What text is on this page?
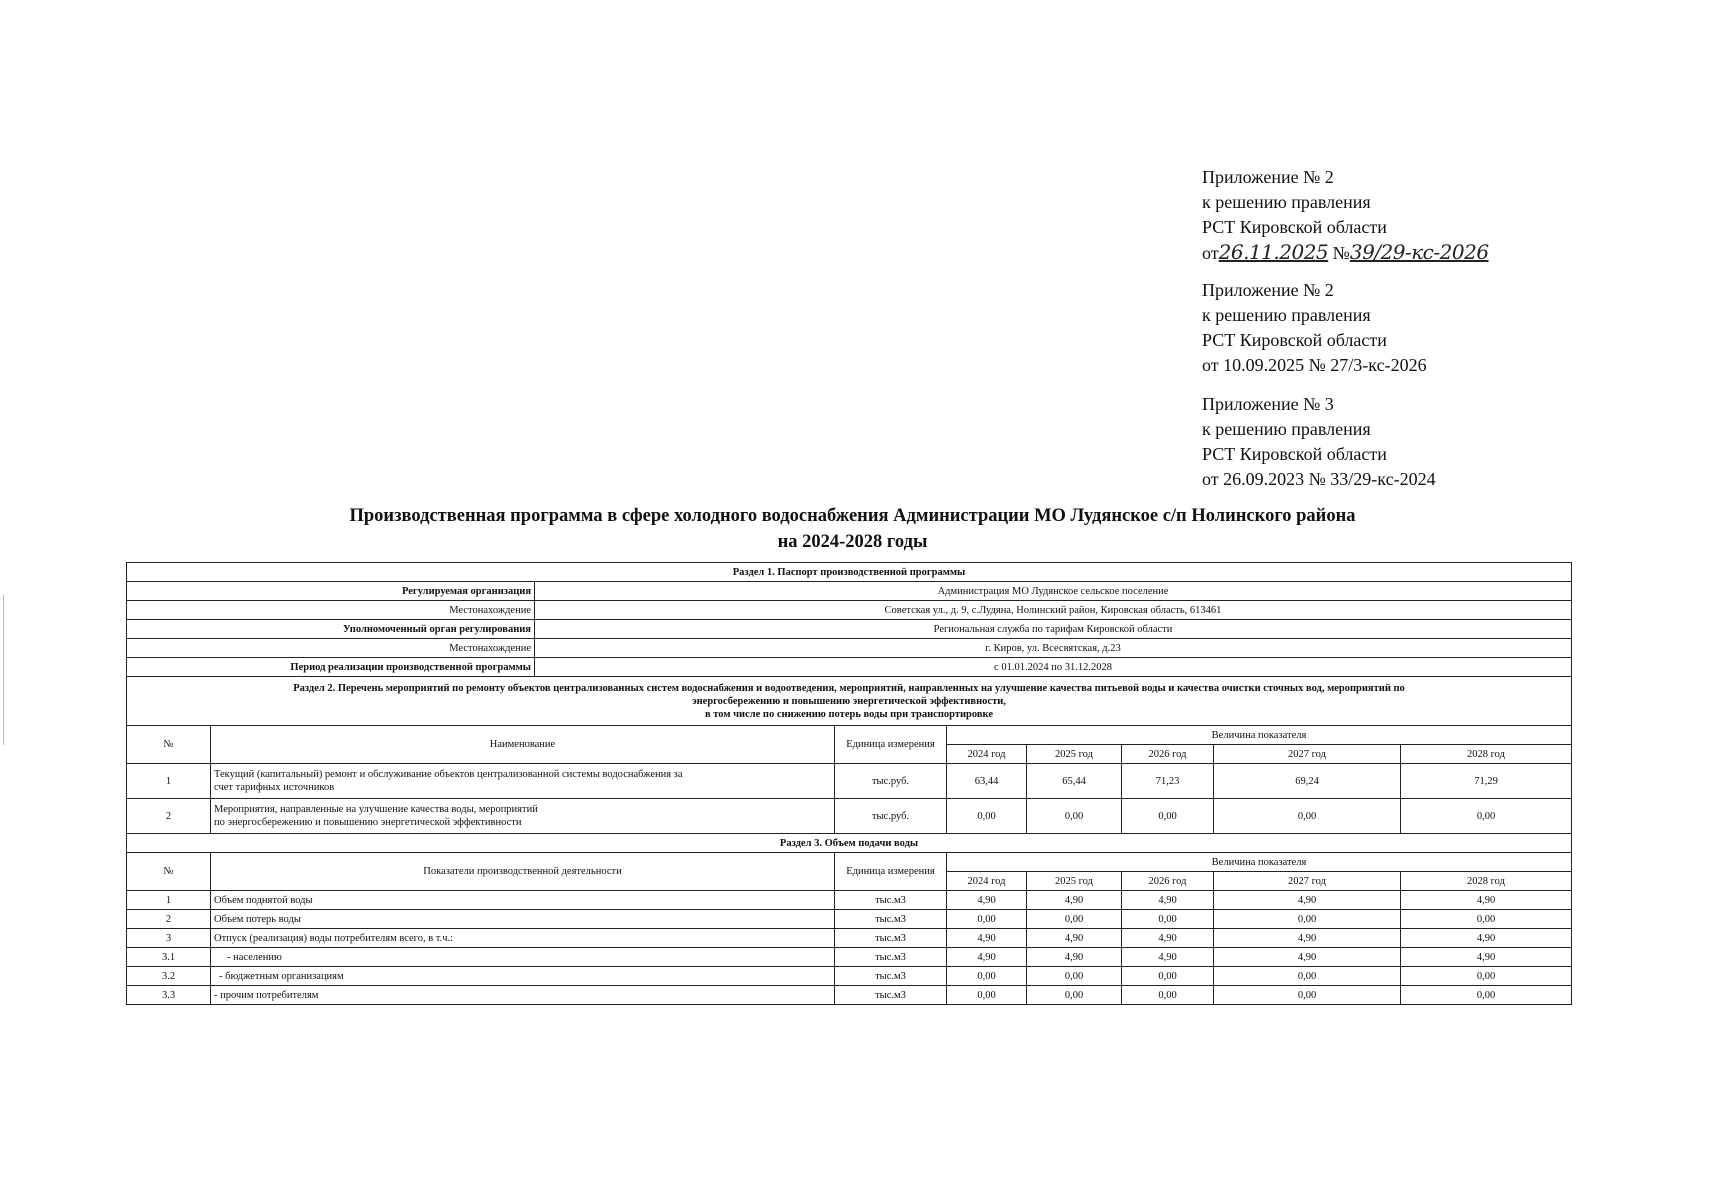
Приложение № 2
к решению правления
РСТ Кировской области
от26.11.2025 №39/29-кс-2026
Приложение № 2
к решению правления
РСТ Кировской области
от 10.09.2025 № 27/3-кс-2026
Приложение № 3
к решению правления
РСТ Кировской области
от 26.09.2023 № 33/29-кс-2024
Производственная программа в сфере холодного водоснабжения Администрации МО Лудянское с/п Нолинского района
на 2024-2028 годы
Раздел 1. Паспорт производственной программы								
Регулируемая организация		Администрация МО Лудянское сельское поселение						
Местонахождение		Советская ул., д. 9, с.Лудяна, Нолинский район, Кировская область, 613461						
Уполномоченный орган регулирования		Региональная служба по тарифам Кировской области						
Местонахождение		г. Киров, ул. Всесвятская, д.23						
Период реализации производственной программы		с 01.01.2024 по 31.12.2028						

Раздел 2. Перечень мероприятий по ремонту объектов централизованных систем водоснабжения и водоотведения, мероприятий, направленных на улучшение качества питьевой воды и качества очистки сточных вод, мероприятий по
энергосбережению и повышению энергетической эффективности,
в том числе по снижению потерь воды при транспортировке								

№	Наименование		Единица измерения	Величина показателя				
				2024 год	2025 год	2026 год	2027 год	2028 год
1	Текущий (капитальный) ремонт и обслуживание объектов централизованной системы водоснабжения за
счет тарифных источников		тыс.руб.	63,44	65,44	71,23	69,24	71,29
2	Мероприятия, направленные на улучшение качества воды, мероприятий
по энергосбережению и повышению энергетической эффективности		тыс.руб.	0,00	0,00	0,00	0,00	0,00
Раздел 3. Объем подачи воды								
№	Показатели производственной деятельности		Единица измерения	Величина показателя				
				2024 год	2025 год	2026 год	2027 год	2028 год
1	Объем поднятой воды		тыс.м3	4,90	4,90	4,90	4,90	4,90
2	Объем потерь воды		тыс.м3	0,00	0,00	0,00	0,00	0,00
3	Отпуск (реализация) воды потребителям всего, в т.ч.:		тыс.м3	4,90	4,90	4,90	4,90	4,90
3.1	- населению		тыс.м3	4,90	4,90	4,90	4,90	4,90
3.2	- бюджетным организациям		тыс.м3	0,00	0,00	0,00	0,00	0,00
3.3	- прочим потребителям		тыс.м3	0,00	0,00	0,00	0,00	0,00
